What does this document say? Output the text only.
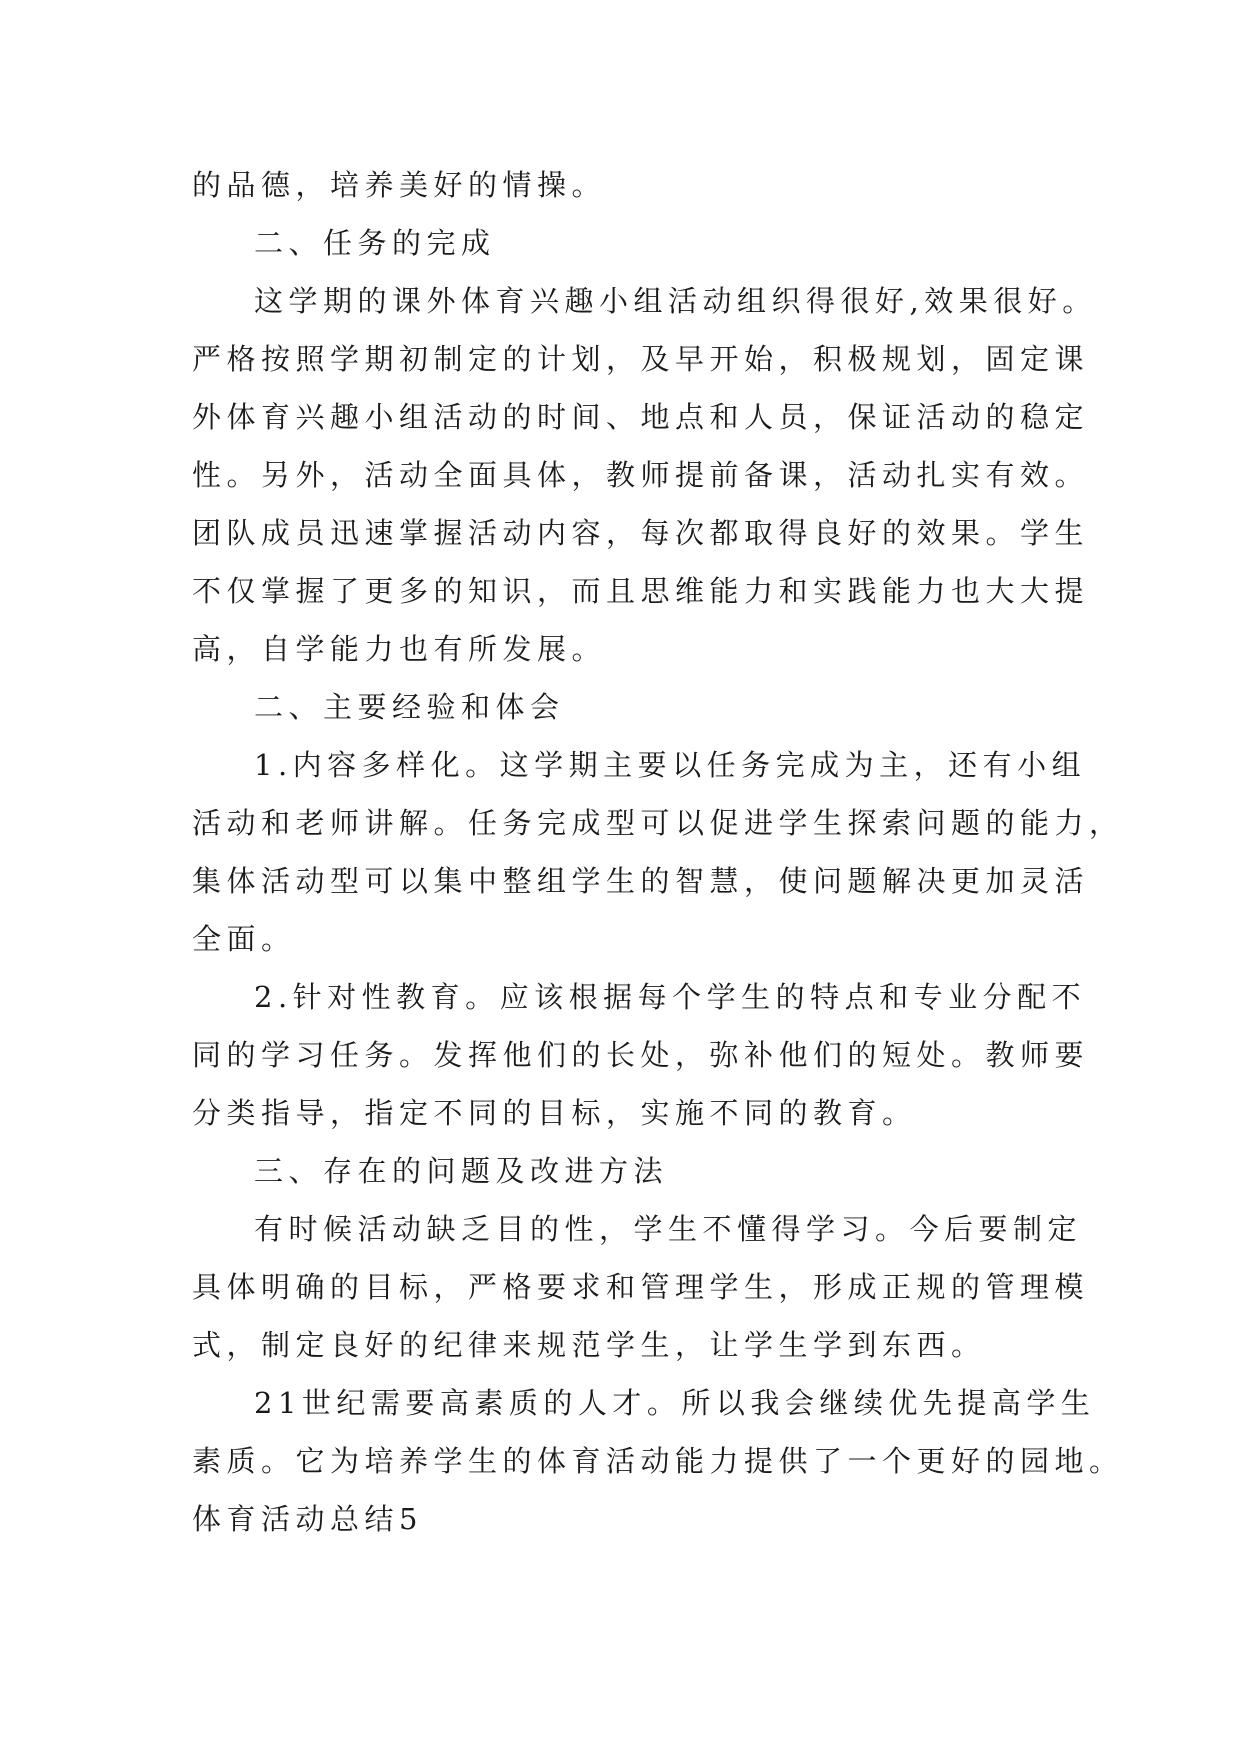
的品德，培养美好的情操。
二、任务的完成
这学期的课外体育兴趣小组活动组织得很好,效果很好。
严格按照学期初制定的计划，及早开始，积极规划，固定课
外体育兴趣小组活动的时间、地点和人员，保证活动的稳定
性。另外，活动全面具体，教师提前备课，活动扎实有效。
团队成员迅速掌握活动内容，每次都取得良好的效果。学生
不仅掌握了更多的知识，而且思维能力和实践能力也大大提
高，自学能力也有所发展。
二、主要经验和体会
1.内容多样化。这学期主要以任务完成为主，还有小组
活动和老师讲解。任务完成型可以促进学生探索问题的能力，
集体活动型可以集中整组学生的智慧，使问题解决更加灵活
全面。
2.针对性教育。应该根据每个学生的特点和专业分配不
同的学习任务。发挥他们的长处，弥补他们的短处。教师要
分类指导，指定不同的目标，实施不同的教育。
三、存在的问题及改进方法
有时候活动缺乏目的性，学生不懂得学习。今后要制定
具体明确的目标，严格要求和管理学生，形成正规的管理模
式，制定良好的纪律来规范学生，让学生学到东西。
21世纪需要高素质的人才。所以我会继续优先提高学生
素质。它为培养学生的体育活动能力提供了一个更好的园地。
体育活动总结5
